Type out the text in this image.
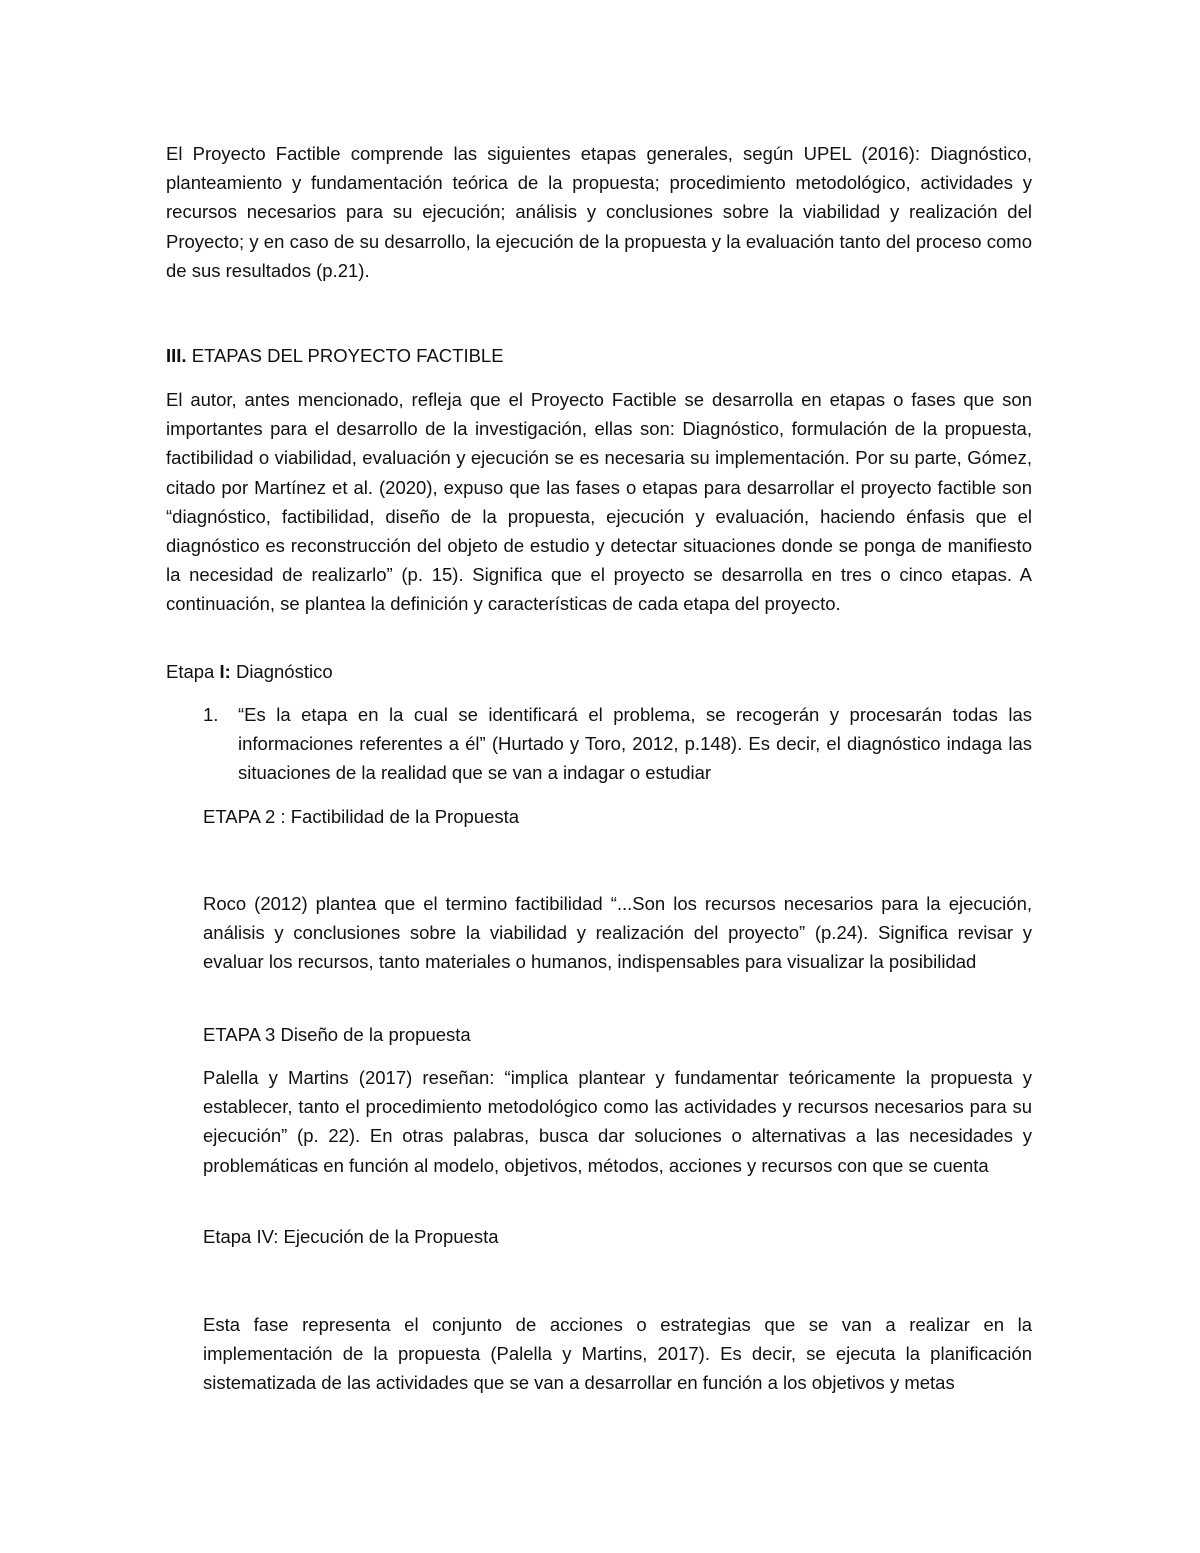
El Proyecto Factible comprende las siguientes etapas generales, según UPEL (2016): Diagnóstico, planteamiento y fundamentación teórica de la propuesta; procedimiento metodológico, actividades y recursos necesarios para su ejecución; análisis y conclusiones sobre la viabilidad y realización del Proyecto; y en caso de su desarrollo, la ejecución de la propuesta y la evaluación tanto del proceso como de sus resultados (p.21).

III. ETAPAS DEL PROYECTO FACTIBLE

El autor, antes mencionado, refleja que el Proyecto Factible se desarrolla en etapas o fases que son importantes para el desarrollo de la investigación, ellas son: Diagnóstico, formulación de la propuesta, factibilidad o viabilidad, evaluación y ejecución se es necesaria su implementación. Por su parte, Gómez, citado por Martínez et al. (2020), expuso que las fases o etapas para desarrollar el proyecto factible son “diagnóstico, factibilidad, diseño de la propuesta, ejecución y evaluación, haciendo énfasis que el diagnóstico es reconstrucción del objeto de estudio y detectar situaciones donde se ponga de manifiesto la necesidad de realizarlo” (p. 15). Significa que el proyecto se desarrolla en tres o cinco etapas. A continuación, se plantea la definición y características de cada etapa del proyecto.

Etapa I: Diagnóstico

1. “Es la etapa en la cual se identificará el problema, se recogerán y procesarán todas las informaciones referentes a él” (Hurtado y Toro, 2012, p.148). Es decir, el diagnóstico indaga las situaciones de la realidad que se van a indagar o estudiar

ETAPA 2 : Factibilidad de la Propuesta

Roco (2012) plantea que el termino factibilidad “...Son los recursos necesarios para la ejecución, análisis y conclusiones sobre la viabilidad y realización del proyecto” (p.24). Significa revisar y evaluar los recursos, tanto materiales o humanos, indispensables para visualizar la posibilidad

ETAPA 3 Diseño de la propuesta

Palella y Martins (2017) reseñan: “implica plantear y fundamentar teóricamente la propuesta y establecer, tanto el procedimiento metodológico como las actividades y recursos necesarios para su ejecución” (p. 22). En otras palabras, busca dar soluciones o alternativas a las necesidades y problemáticas en función al modelo, objetivos, métodos, acciones y recursos con que se cuenta

Etapa IV: Ejecución de la Propuesta

Esta fase representa el conjunto de acciones o estrategias que se van a realizar en la implementación de la propuesta (Palella y Martins, 2017). Es decir, se ejecuta la planificación sistematizada de las actividades que se van a desarrollar en función a los objetivos y metas
